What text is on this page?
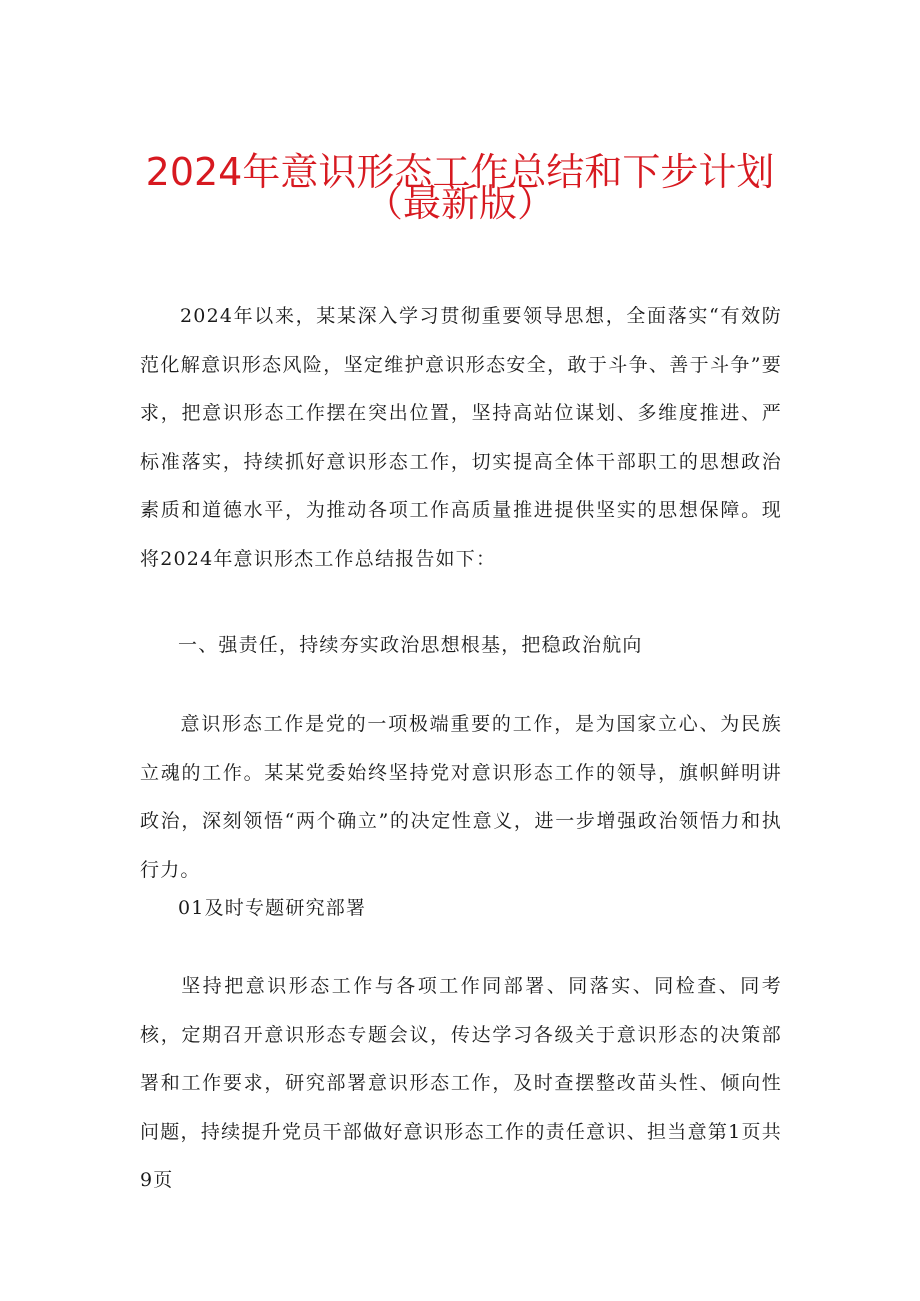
2024年意识形态工作总结和下步计划
（最新版）
2024年以来，某某深入学习贯彻重要领导思想，全面落实“有效防范化解意识形态风险，坚定维护意识形态安全，敢于斗争、善于斗争”要求，把意识形态工作摆在突出位置，坚持高站位谋划、多维度推进、严标准落实，持续抓好意识形态工作，切实提高全体干部职工的思想政治素质和道德水平，为推动各项工作高质量推进提供坚实的思想保障。现将2024年意识形杰工作总结报告如下：
一、强责任，持续夯实政治思想根基，把稳政治航向
意识形态工作是党的一项极端重要的工作，是为国家立心、为民族立魂的工作。某某党委始终坚持党对意识形态工作的领导，旗帜鲜明讲政治，深刻领悟“两个确立”的决定性意义，进一步增强政治领悟力和执行力。
01及时专题研究部署
坚持把意识形态工作与各项工作同部署、同落实、同检查、同考核，定期召开意识形态专题会议，传达学习各级关于意识形态的决策部署和工作要求，研究部署意识形态工作，及时查摆整改苗头性、倾向性问题，持续提升党员干部做好意识形态工作的责任意识、担当意第1页共9页
